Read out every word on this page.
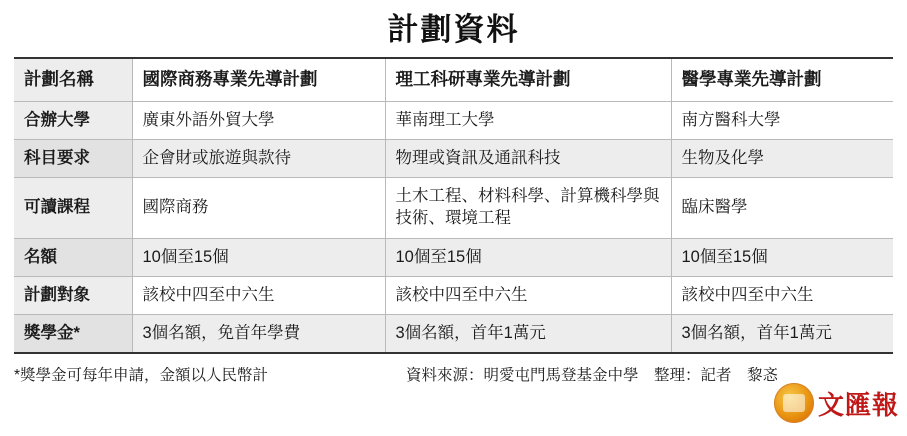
計劃資料
計劃名稱	國際商務專業先導計劃	理工科研專業先導計劃	醫學專業先導計劃
合辦大學	廣東外語外貿大學	華南理工大學	南方醫科大學
科目要求	企會財或旅遊與款待	物理或資訊及通訊科技	生物及化學
可讀課程	國際商務	土木工程、材料科學、計算機科學與技術、環境工程	臨床醫學
名額	10個至15個	10個至15個	10個至15個
計劃對象	該校中四至中六生	該校中四至中六生	該校中四至中六生
獎學金*	3個名額，免首年學費	3個名額，首年1萬元	3個名額，首年1萬元
*獎學金可每年申請，金額以人民幣計	資料來源：明愛屯門馬登基金中學　整理：記者　黎忞
文匯報
